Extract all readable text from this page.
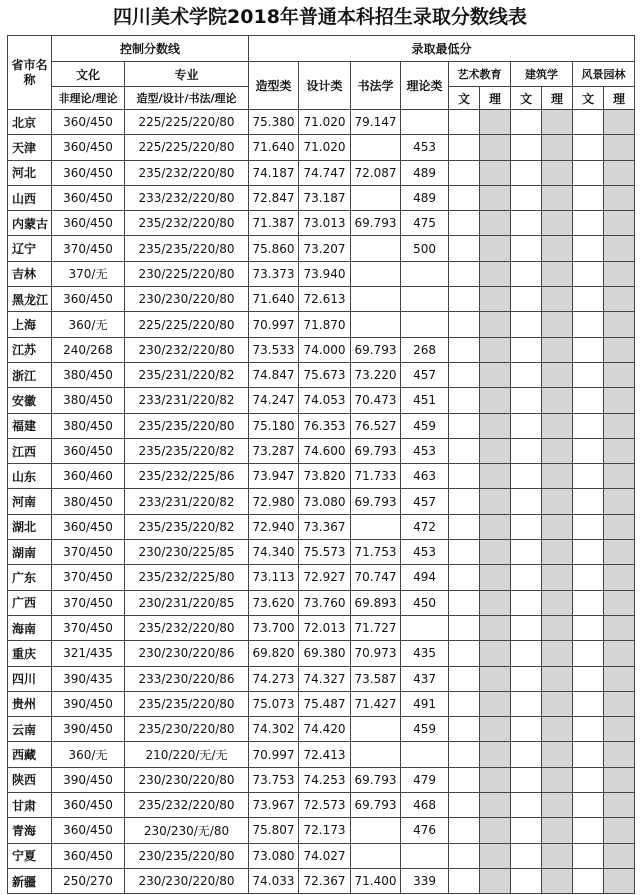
四川美术学院2018年普通本科招生录取分数线表
省市名称	控制分数线		录取最低分									
	文化	专业	造型类	设计类	书法学	理论类	艺术教育		建筑学		风景园林	
	非理论/理论	造型/设计/书法/理论					文	理	文	理	文	理
北京	360/450	225/225/220/80	75.380	71.020	79.147							
天津	360/450	225/225/220/80	71.640	71.020		453						
河北	360/450	235/232/220/80	74.187	74.747	72.087	489						
山西	360/450	233/232/220/80	72.847	73.187		489						
内蒙古	360/450	235/232/220/80	71.387	73.013	69.793	475						
辽宁	370/450	235/235/220/80	75.860	73.207		500						
吉林	370/无	230/225/220/80	73.373	73.940								
黑龙江	360/450	230/230/220/80	71.640	72.613								
上海	360/无	225/225/220/80	70.997	71.870								
江苏	240/268	230/232/220/80	73.533	74.000	69.793	268						
浙江	380/450	235/231/220/82	74.847	75.673	73.220	457						
安徽	380/450	233/231/220/82	74.247	74.053	70.473	451						
福建	380/450	235/235/220/80	75.180	76.353	76.527	459						
江西	360/450	235/235/220/82	73.287	74.600	69.793	453						
山东	360/460	235/232/225/86	73.947	73.820	71.733	463						
河南	380/450	233/231/220/82	72.980	73.080	69.793	457						
湖北	360/450	235/235/220/82	72.940	73.367		472						
湖南	370/450	230/230/225/85	74.340	75.573	71.753	453						
广东	370/450	235/232/225/80	73.113	72.927	70.747	494						
广西	370/450	230/231/220/85	73.620	73.760	69.893	450						
海南	370/450	235/232/220/80	73.700	72.013	71.727							
重庆	321/435	230/230/220/86	69.820	69.380	70.973	435						
四川	390/435	233/230/220/86	74.273	74.327	73.587	437						
贵州	390/450	235/235/220/80	75.073	75.487	71.427	491						
云南	390/450	235/230/220/80	74.302	74.420		459						
西藏	360/无	210/220/无/无	70.997	72.413								
陕西	390/450	230/230/220/80	73.753	74.253	69.793	479						
甘肃	360/450	235/232/220/80	73.967	72.573	69.793	468						
青海	360/450	230/230/无/80	75.807	72.173		476						
宁夏	360/450	230/235/220/80	73.080	74.027								
新疆	250/270	230/230/220/80	74.033	72.367	71.400	339						
